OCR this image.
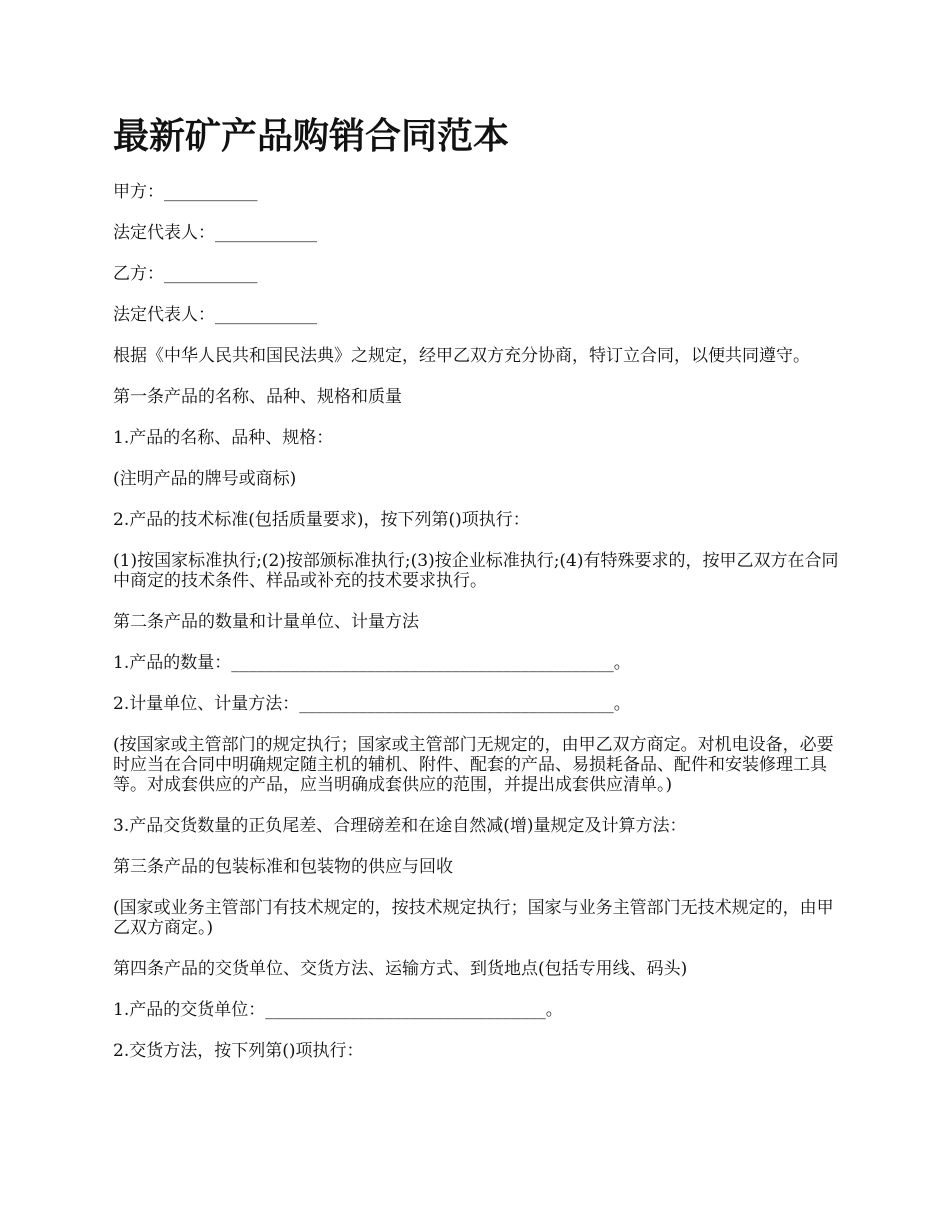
最新矿产品购销合同范本

甲方：___________

法定代表人：____________

乙方：___________

法定代表人：____________

根据《中华人民共和国民法典》之规定，经甲乙双方充分协商，特订立合同，以便共同遵守。

第一条产品的名称、品种、规格和质量

1.产品的名称、品种、规格：

(注明产品的牌号或商标)

2.产品的技术标准(包括质量要求)，按下列第()项执行：

(1)按国家标准执行;(2)按部颁标准执行;(3)按企业标准执行;(4)有特殊要求的，按甲乙双方在合同中商定的技术条件、样品或补充的技术要求执行。

第二条产品的数量和计量单位、计量方法

1.产品的数量：_____________________________________________。

2.计量单位、计量方法：_____________________________________。

(按国家或主管部门的规定执行；国家或主管部门无规定的，由甲乙双方商定。对机电设备，必要时应当在合同中明确规定随主机的辅机、附件、配套的产品、易损耗备品、配件和安装修理工具等。对成套供应的产品，应当明确成套供应的范围，并提出成套供应清单。)

3.产品交货数量的正负尾差、合理磅差和在途自然减(增)量规定及计算方法：

第三条产品的包装标准和包装物的供应与回收

(国家或业务主管部门有技术规定的，按技术规定执行；国家与业务主管部门无技术规定的，由甲乙双方商定。)

第四条产品的交货单位、交货方法、运输方式、到货地点(包括专用线、码头)

1.产品的交货单位：_________________________________。

2.交货方法，按下列第()项执行：
